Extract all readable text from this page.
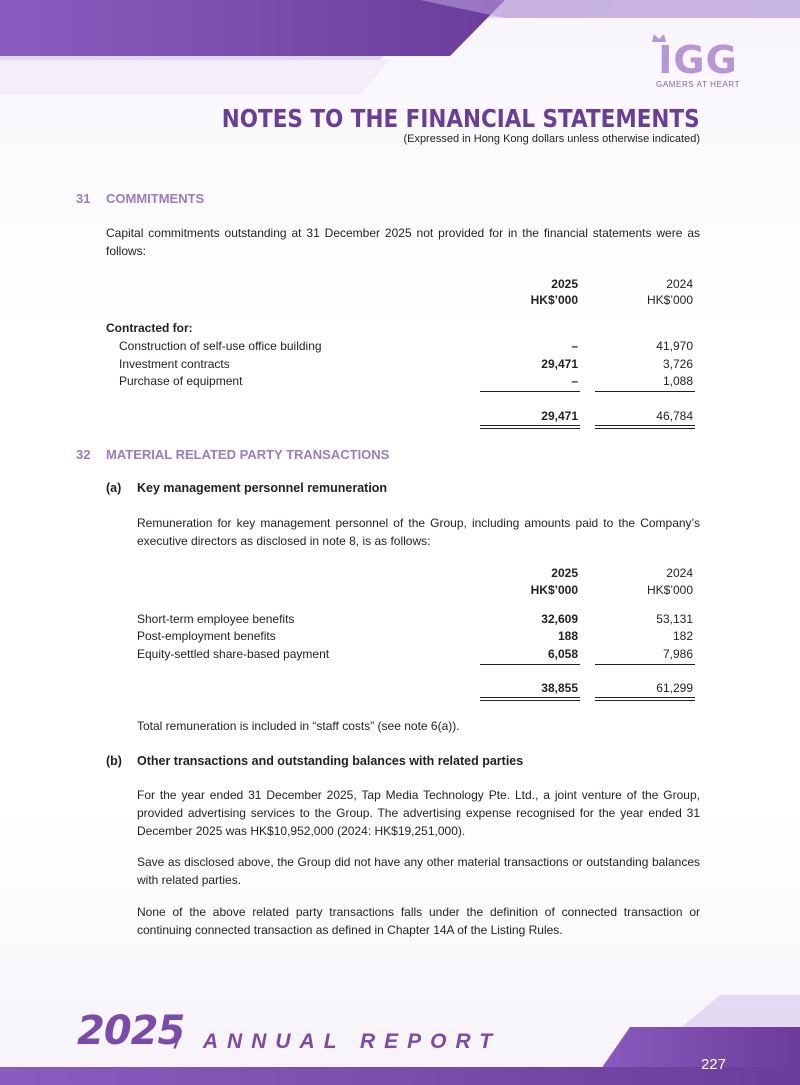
IGG
GAMERS AT HEART
NOTES TO THE FINANCIAL STATEMENTS
(Expressed in Hong Kong dollars unless otherwise indicated)
31 COMMITMENTS

Capital commitments outstanding at 31 December 2025 not provided for in the financial statements were as follows:

2025	2024
HK$’000	HK$’000
Contracted for:
Construction of self-use office building	–	41,970
Investment contracts	29,471	3,726
Purchase of equipment	–	1,088
29,471	46,784
32 MATERIAL RELATED PARTY TRANSACTIONS
(a) Key management personnel remuneration

Remuneration for key management personnel of the Group, including amounts paid to the Company’s executive directors as disclosed in note 8, is as follows:

2025	2024
HK$’000	HK$’000
Short-term employee benefits	32,609	53,131
Post-employment benefits	188	182
Equity-settled share-based payment	6,058	7,986
38,855	61,299
Total remuneration is included in “staff costs” (see note 6(a)).
(b) Other transactions and outstanding balances with related parties

For the year ended 31 December 2025, Tap Media Technology Pte. Ltd., a joint venture of the Group, provided advertising services to the Group. The advertising expense recognised for the year ended 31 December 2025 was HK$10,952,000 (2024: HK$19,251,000).

Save as disclosed above, the Group did not have any other material transactions or outstanding balances with related parties.

None of the above related party transactions falls under the definition of connected transaction or continuing connected transaction as defined in Chapter 14A of the Listing Rules.

2025
/ ANNUAL REPORT
227
